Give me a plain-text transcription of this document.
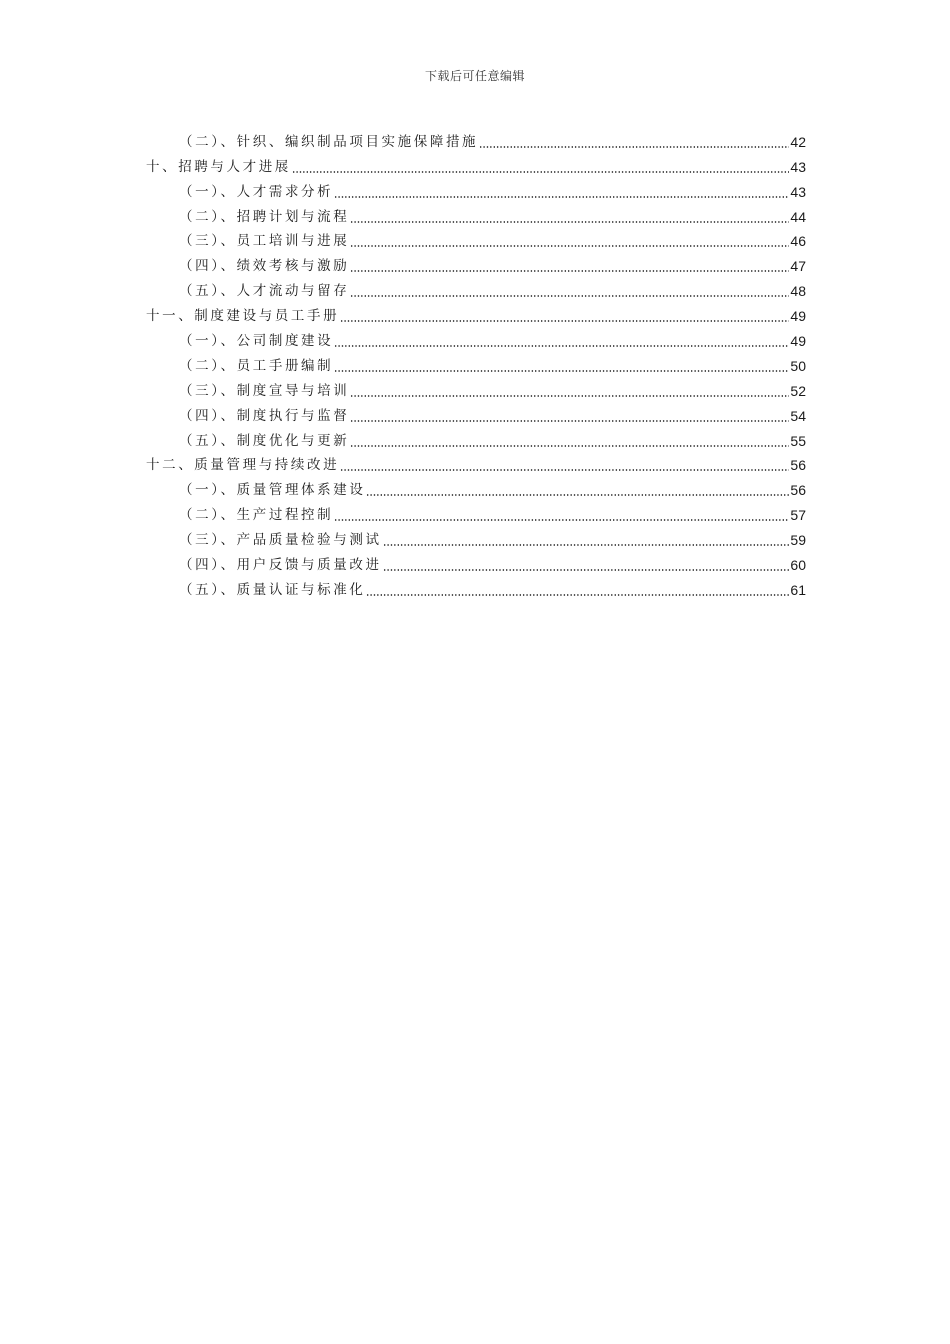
下载后可任意编辑
（二）、针织、编织制品项目实施保障措施	42
十、招聘与人才进展	43
（一）、人才需求分析	43
（二）、招聘计划与流程	44
（三）、员工培训与进展	46
（四）、绩效考核与激励	47
（五）、人才流动与留存	48
十一、制度建设与员工手册	49
（一）、公司制度建设	49
（二）、员工手册编制	50
（三）、制度宣导与培训	52
（四）、制度执行与监督	54
（五）、制度优化与更新	55
十二、质量管理与持续改进	56
（一）、质量管理体系建设	56
（二）、生产过程控制	57
（三）、产品质量检验与测试	59
（四）、用户反馈与质量改进	60
（五）、质量认证与标准化	61
